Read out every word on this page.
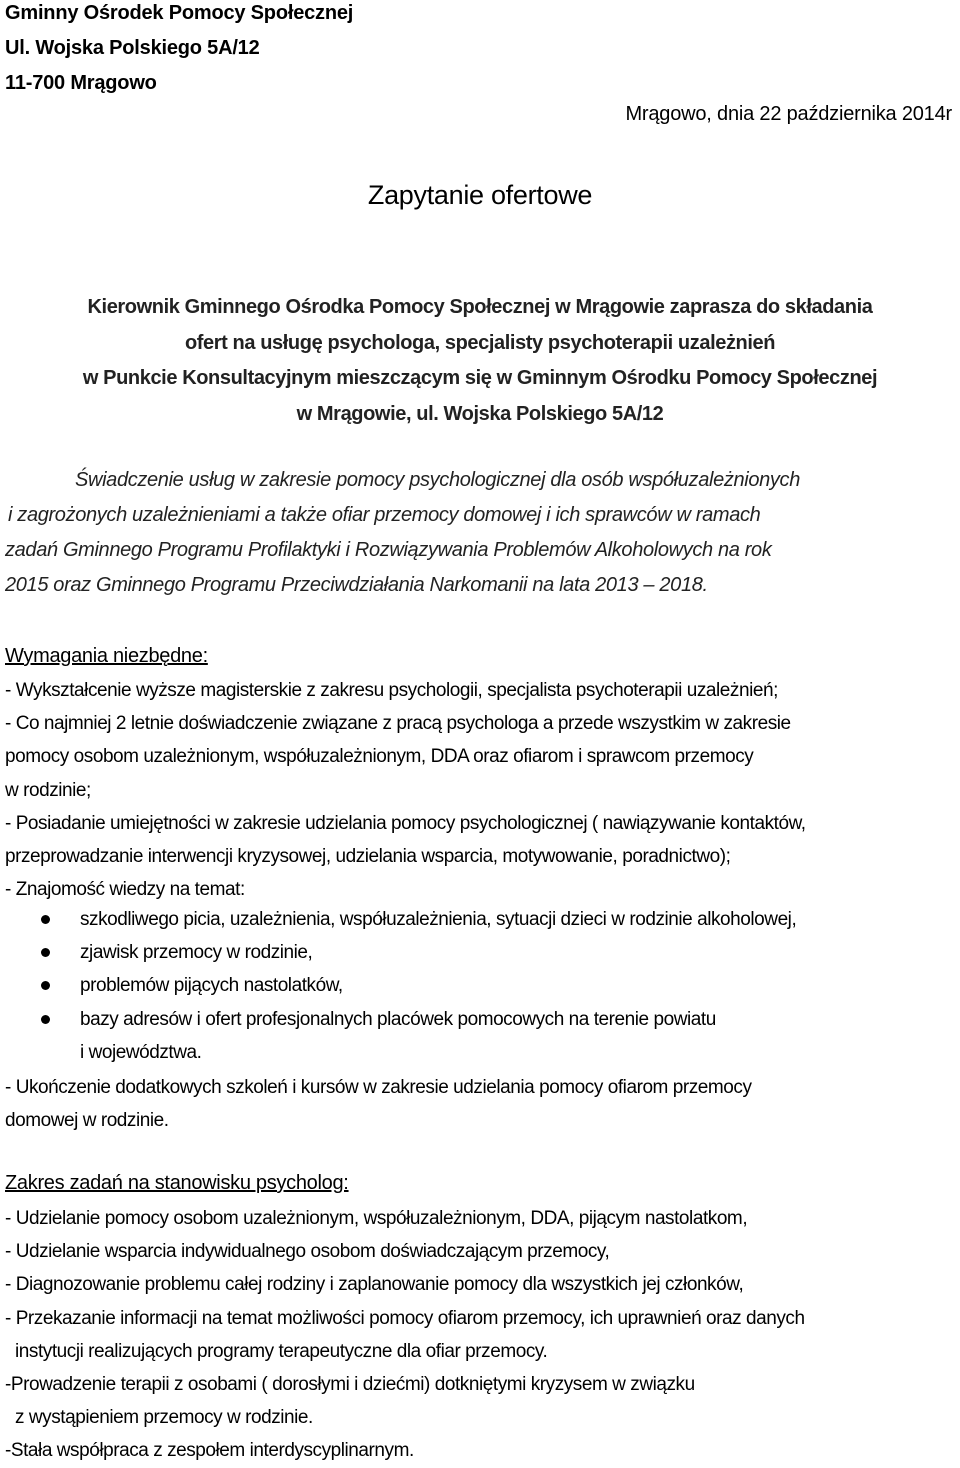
Gminny Ośrodek Pomocy Społecznej
Ul. Wojska Polskiego 5A/12
11-700 Mrągowo
Mrągowo, dnia 22 października 2014r
Zapytanie ofertowe
Kierownik Gminnego Ośrodka Pomocy Społecznej w Mrągowie zaprasza do składania
ofert na usługę psychologa, specjalisty psychoterapii uzależnień
w Punkcie Konsultacyjnym mieszczącym się w Gminnym Ośrodku Pomocy Społecznej
w Mrągowie, ul. Wojska Polskiego 5A/12
Świadczenie usług w zakresie pomocy psychologicznej dla osób współuzależnionych
i zagrożonych uzależnieniami a także ofiar przemocy domowej i ich sprawców w ramach
zadań Gminnego Programu Profilaktyki i Rozwiązywania Problemów Alkoholowych na rok
2015 oraz Gminnego Programu Przeciwdziałania Narkomanii na lata 2013 – 2018.
Wymagania niezbędne:
- Wykształcenie wyższe magisterskie z zakresu psychologii, specjalista psychoterapii uzależnień;
- Co najmniej 2 letnie doświadczenie związane z pracą psychologa a przede wszystkim w zakresie
pomocy osobom uzależnionym, współuzależnionym, DDA oraz ofiarom i sprawcom przemocy
w rodzinie;
- Posiadanie umiejętności w zakresie udzielania pomocy psychologicznej ( nawiązywanie kontaktów,
przeprowadzanie interwencji kryzysowej, udzielania wsparcia, motywowanie, poradnictwo);
- Znajomość wiedzy na temat:
szkodliwego picia, uzależnienia, współuzależnienia, sytuacji dzieci w rodzinie alkoholowej,
zjawisk przemocy w rodzinie,
problemów pijących nastolatków,
bazy adresów i ofert profesjonalnych placówek pomocowych na terenie powiatu
i województwa.
- Ukończenie dodatkowych szkoleń i kursów w zakresie udzielania pomocy ofiarom przemocy
domowej w rodzinie.
Zakres zadań na stanowisku psycholog:
- Udzielanie pomocy osobom uzależnionym, współuzależnionym, DDA, pijącym nastolatkom,
- Udzielanie wsparcia indywidualnego osobom doświadczającym przemocy,
- Diagnozowanie problemu całej rodziny i zaplanowanie pomocy dla wszystkich jej członków,
- Przekazanie informacji na temat możliwości pomocy ofiarom przemocy, ich uprawnień oraz danych
instytucji realizujących programy terapeutyczne dla ofiar przemocy.
-Prowadzenie terapii z osobami ( dorosłymi i dziećmi) dotkniętymi kryzysem w związku
z wystąpieniem przemocy w rodzinie.
-Stała współpraca z zespołem interdyscyplinarnym.
